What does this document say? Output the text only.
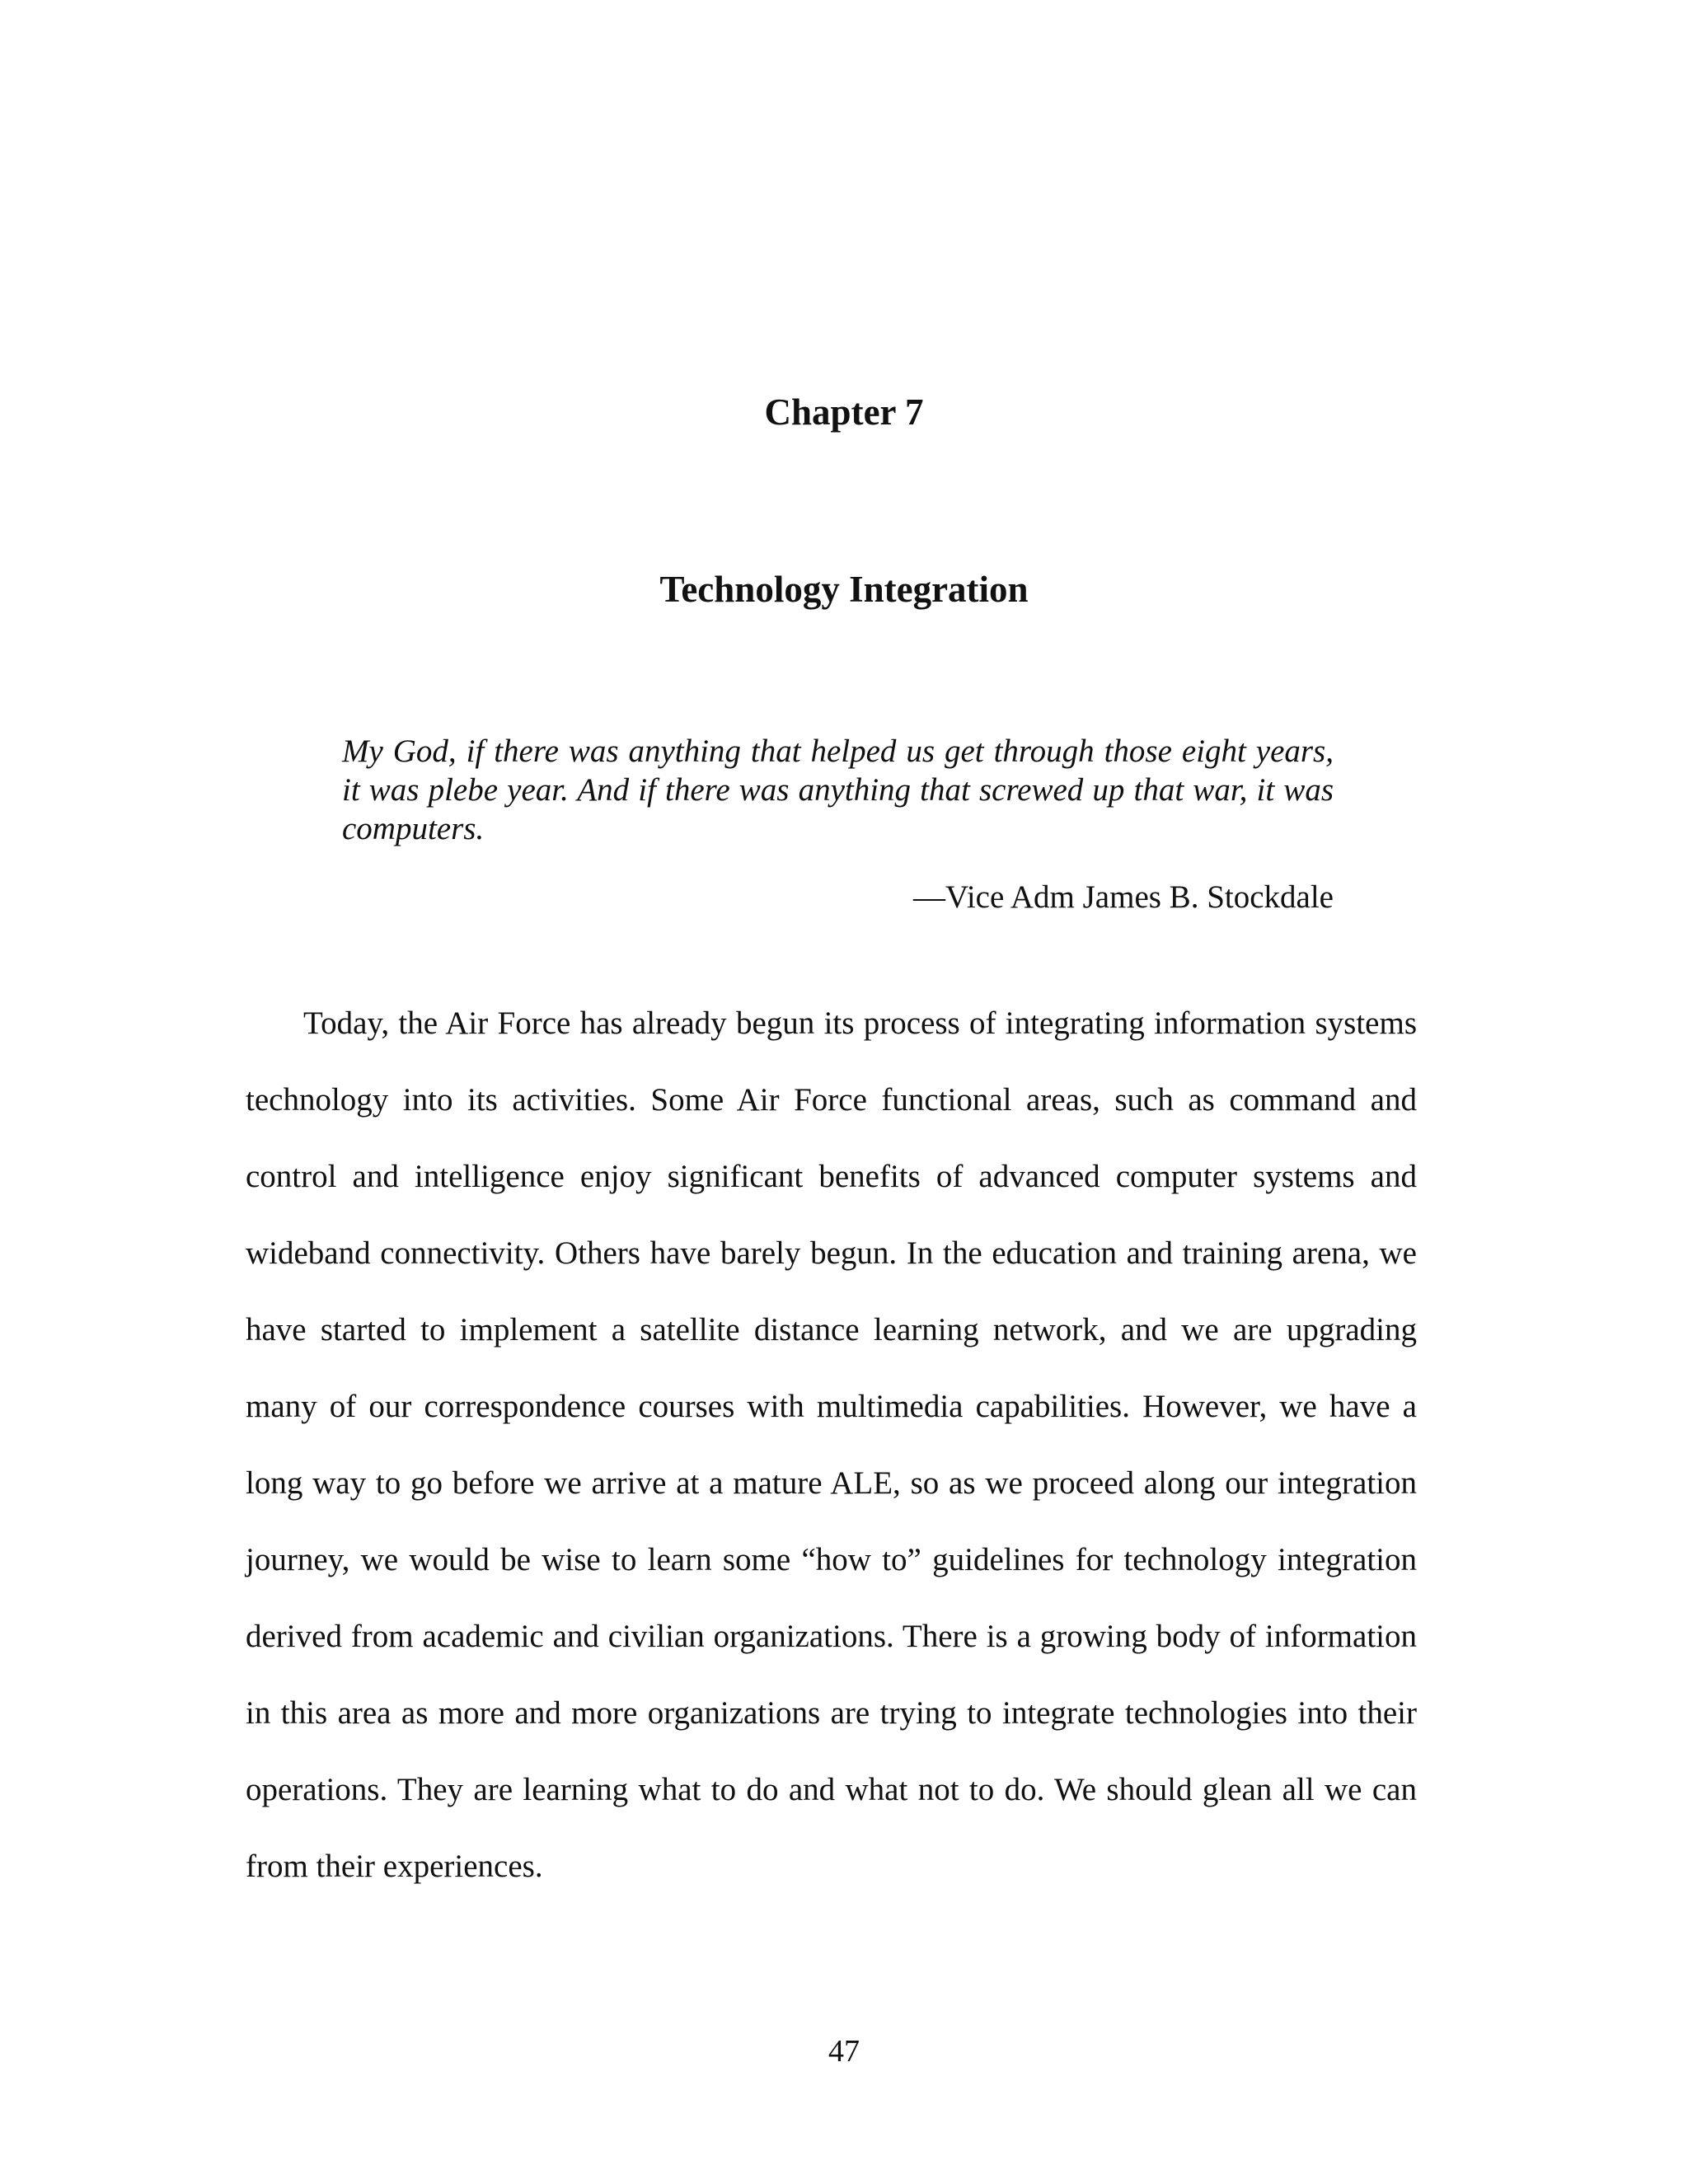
Chapter 7
Technology Integration

My God, if there was anything that helped us get through those eight years, it was plebe year. And if there was anything that screwed up that war, it was computers.

—Vice Adm James B. Stockdale

Today, the Air Force has already begun its process of integrating information systems technology into its activities. Some Air Force functional areas, such as command and control and intelligence enjoy significant benefits of advanced computer systems and wideband connectivity. Others have barely begun. In the education and training arena, we have started to implement a satellite distance learning network, and we are upgrading many of our correspondence courses with multimedia capabilities. However, we have a long way to go before we arrive at a mature ALE, so as we proceed along our integration journey, we would be wise to learn some “how to” guidelines for technology integration derived from academic and civilian organizations. There is a growing body of information in this area as more and more organizations are trying to integrate technologies into their operations. They are learning what to do and what not to do. We should glean all we can from their experiences.

47
